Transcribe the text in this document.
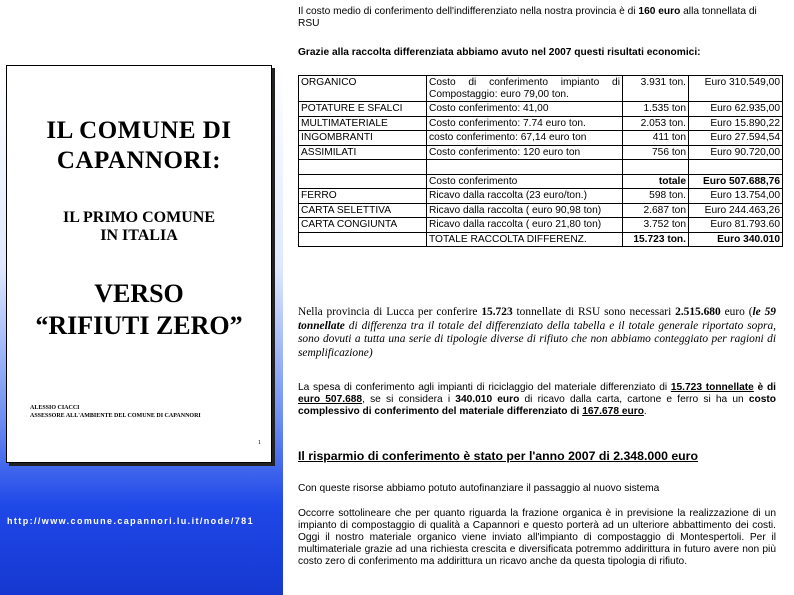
IL COMUNE DI
CAPANNORI:
IL PRIMO COMUNE
IN ITALIA
VERSO
“RIFIUTI ZERO”
ALESSIO CIACCI
ASSESSORE ALL'AMBIENTE DEL COMUNE DI CAPANNORI
1
http://www.comune.capannori.lu.it/node/781

Il costo medio di conferimento dell'indifferenziato nella nostra provincia è di 160 euro alla tonnellata di RSU

Grazie alla raccolta differenziata abbiamo avuto nel 2007 questi risultati economici:

ORGANICO	Costo di conferimento impianto di Compostaggio: euro 79,00 ton.	3.931 ton.	Euro 310.549,00
POTATURE E SFALCI	Costo conferimento: 41,00	1.535 ton	Euro 62.935,00
MULTIMATERIALE	Costo conferimento: 7.74 euro ton.	2.053 ton.	Euro 15.890,22
INGOMBRANTI	costo conferimento: 67,14 euro ton	411 ton	Euro 27.594,54
ASSIMILATI	Costo conferimento: 120 euro ton	756 ton	Euro 90.720,00

	Costo conferimento	totale	Euro 507.688,76
FERRO	Ricavo dalla raccolta (23 euro/ton.)	598 ton.	Euro 13.754,00
CARTA SELETTIVA	Ricavo dalla raccolta ( euro 90,98 ton)	2.687 ton	Euro 244.463,26
CARTA CONGIUNTA	Ricavo dalla raccolta ( euro 21,80 ton)	3.752 ton	Euro 81.793.60
	TOTALE RACCOLTA DIFFERENZ.	15.723 ton.	Euro 340.010

Nella provincia di Lucca per conferire 15.723 tonnellate di RSU sono necessari 2.515.680 euro (le 59 tonnellate di differenza tra il totale del differenziato della tabella e il totale generale riportato sopra, sono dovuti a tutta una serie di tipologie diverse di rifiuto che non abbiamo conteggiato per ragioni di semplificazione)

La spesa di conferimento agli impianti di riciclaggio del materiale differenziato di 15.723 tonnellate è di euro 507.688, se si considera i 340.010 euro di ricavo dalla carta, cartone e ferro si ha un costo complessivo di conferimento del materiale differenziato di 167.678 euro.

Il risparmio di conferimento è stato per l'anno 2007 di 2.348.000 euro

Con queste risorse abbiamo potuto autofinanziare il passaggio al nuovo sistema

Occorre sottolineare che per quanto riguarda la frazione organica è in previsione la realizzazione di un impianto di compostaggio di qualità a Capannori e questo porterà ad un ulteriore abbattimento dei costi. Oggi il nostro materiale organico viene inviato all'impianto di compostaggio di Montespertoli. Per il multimateriale grazie ad una richiesta crescita e diversificata potremmo addirittura in futuro avere non più costo zero di conferimento ma addirittura un ricavo anche da questa tipologia di rifiuto.
